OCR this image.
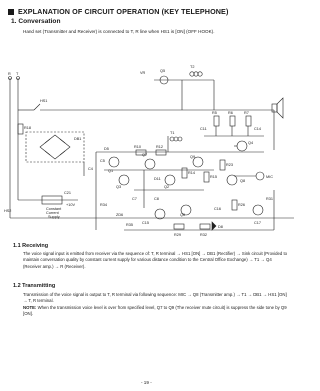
EXPLANATION OF CIRCUIT OPERATION (KEY TELEPHONE)
1. Conversation
Hand set (Transmitter and Receiver) is connected to T, R line when HS1 is [ON] (OFF HOOK).
R T
Q5
T2
R18
HS1
DB1
Q7	Q9
Q1
Q4
Q3	Q2
Q6
Q8
T1
MIC
HS2	Constant
Current
Supply
C21
R34
R31
R5	R6	R7
R10	R12
R14
R15
R23
R26
R29	R32
R35
C4
C5
C7	C8
C11	C14
C15
C16
C17
D5
D8
D11
VR
+10V
ZD6
1.1 Receiving
The voice signal input is emitted from receiver via the sequence of: T, R terminal → HS1 [ON] → DB1 (Rectifier) → Sink circuit (Provided to maintain conversation quality by constant current supply for various distance condition to the Central Office Exchange) → T1 → Q4 (Receiver amp.) → R (Receiver).
1.2 Transmitting
Transmission of the voice signal is output to T, R terminal via following sequence: MIC → Q8 (Transmitter amp.) → T1 → DB1 → HS1 [ON] → T, R terminal.
NOTE: When the transmission voice level is over from specified level, Q7 to Q9 (The receiver mute circuit) is suppress the side tone by Q9 [ON].
- 19 -
